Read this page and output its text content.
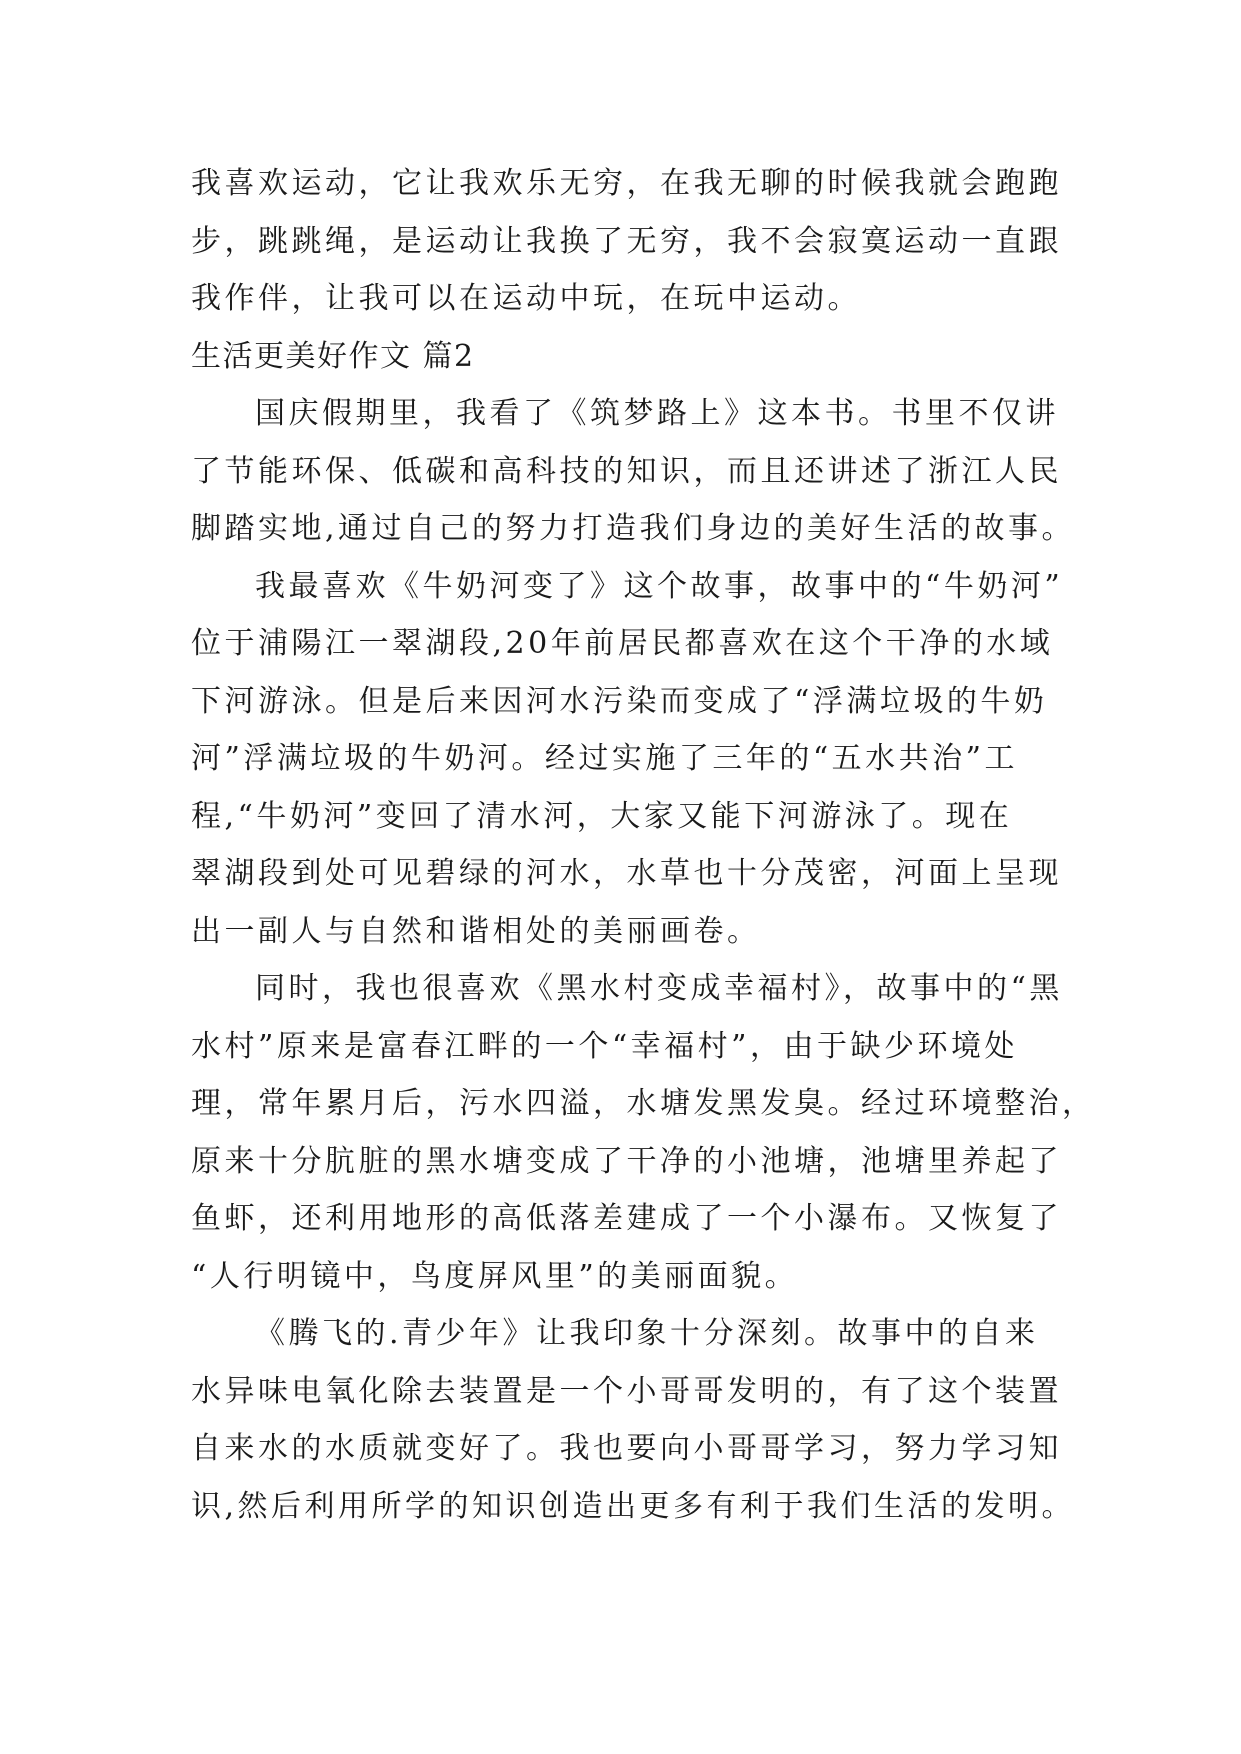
我喜欢运动，它让我欢乐无穷，在我无聊的时候我就会跑跑
步，跳跳绳，是运动让我换了无穷，我不会寂寞运动一直跟
我作伴，让我可以在运动中玩，在玩中运动。
生活更美好作文 篇2
国庆假期里，我看了《筑梦路上》这本书。书里不仅讲
了节能环保、低碳和高科技的知识，而且还讲述了浙江人民
脚踏实地,通过自己的努力打造我们身边的美好生活的故事。
我最喜欢《牛奶河变了》这个故事，故事中的“牛奶河”
位于浦陽江一翠湖段,20年前居民都喜欢在这个干净的水域
下河游泳。但是后来因河水污染而变成了“浮满垃圾的牛奶
河”浮满垃圾的牛奶河。经过实施了三年的“五水共治”工
程,“牛奶河”变回了清水河，大家又能下河游泳了。现在
翠湖段到处可见碧绿的河水，水草也十分茂密，河面上呈现
出一副人与自然和谐相处的美丽画卷。
同时，我也很喜欢《黑水村变成幸福村》，故事中的“黑
水村”原来是富春江畔的一个“幸福村”，由于缺少环境处
理，常年累月后，污水四溢，水塘发黑发臭。经过环境整治，
原来十分肮脏的黑水塘变成了干净的小池塘，池塘里养起了
鱼虾，还利用地形的高低落差建成了一个小瀑布。又恢复了
“人行明镜中，鸟度屏风里”的美丽面貌。
《腾飞的.青少年》让我印象十分深刻。故事中的自来
水异味电氧化除去装置是一个小哥哥发明的，有了这个装置
自来水的水质就变好了。我也要向小哥哥学习，努力学习知
识,然后利用所学的知识创造出更多有利于我们生活的发明。
